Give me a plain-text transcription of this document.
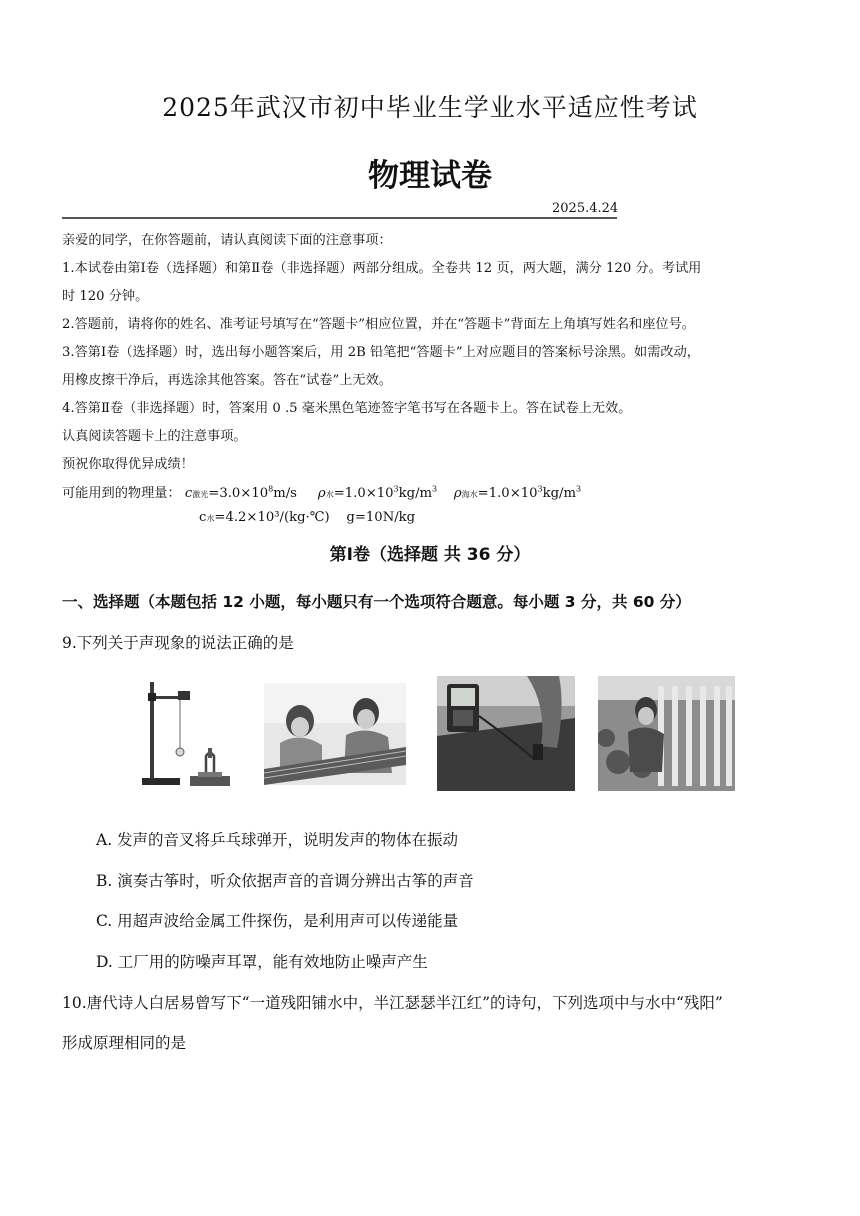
2025年武汉市初中毕业生学业水平适应性考试
物理试卷
2025.4.24
亲爱的同学，在你答题前，请认真阅读下面的注意事项：
1.本试卷由第Ⅰ卷（选择题）和第Ⅱ卷（非选择题）两部分组成。全卷共 12 页，两大题，满分 120 分。考试用
时 120 分钟。
2.答题前，请将你的姓名、准考证号填写在“答题卡”相应位置，并在“答题卡”背面左上角填写姓名和座位号。
3.答第Ⅰ卷（选择题）时，选出每小题答案后，用 2B 铅笔把“答题卡”上对应题目的答案标号涂黑。如需改动，
用橡皮擦干净后，再选涂其他答案。答在“试卷”上无效。
4.答第Ⅱ卷（非选择题）时，答案用 0 .5 毫米黑色笔迹签字笔书写在各题卡上。答在试卷上无效。
认真阅读答题卡上的注意事项。
预祝你取得优异成绩！
可能用到的物理量： c激光$=3.0\times 10^8m/s$ ρ水$=1.0\times 10^3kg/m^3$ ρ海水$=1.0\times 10^3kg/m^3$
c水=4.2×10³/(kg·℃) g=10N/kg
第Ⅰ卷（选择题 共 36 分）
一、选择题（本题包括 12 小题，每小题只有一个选项符合题意。每小题 3 分，共 60 分）
9.下列关于声现象的说法正确的是
A. 发声的音叉将乒乓球弹开，说明发声的物体在振动
B. 演奏古筝时，听众依据声音的音调分辨出古筝的声音
C. 用超声波给金属工件探伤，是利用声可以传递能量
D. 工厂用的防噪声耳罩，能有效地防止噪声产生
10.唐代诗人白居易曾写下“一道残阳铺水中，半江瑟瑟半江红”的诗句，下列选项中与水中“残阳”
形成原理相同的是
